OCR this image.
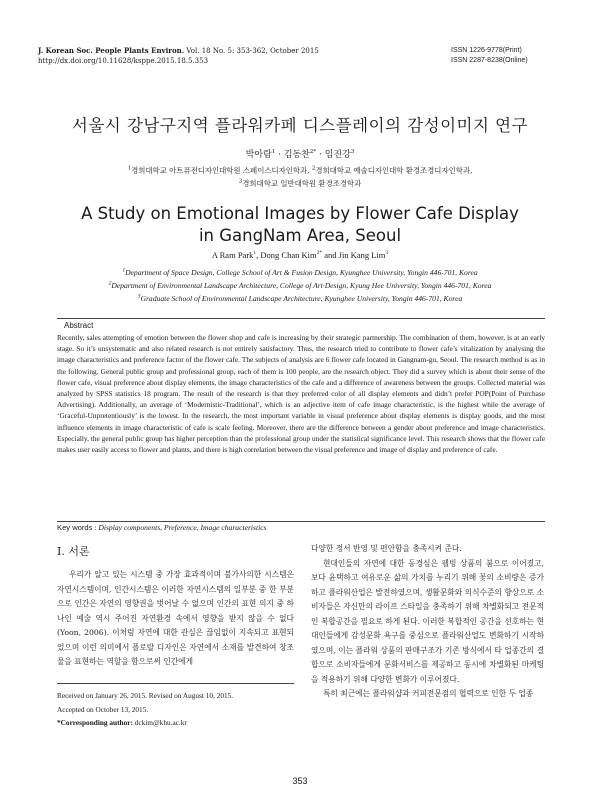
J. Korean Soc. People Plants Environ. Vol. 18 No. 5: 353-362, October 2015
http://dx.doi.org/10.11628/ksppe.2015.18.5.353
ISSN 1226-9778(Print)
ISSN 2287-8238(Online)
서울시 강남구지역 플라워카페 디스플레이의 감성이미지 연구
박아람$^1$ · 김동찬$^{2*}$ · 임진강$^3$
$^1$경희대학교 아트퓨전디자인대학원 스페이스디자인학과, $^2$경희대학교 예술디자인대학 환경조경디자인학과,
$^3$경희대학교 일반대학원 환경조경학과
A Study on Emotional Images by Flower Cafe Display
in GangNam Area, Seoul
A Ram Park$^1$, Dong Chan Kim$^{2*}$ and Jin Kang Lim$^3$
$^1$Department of Space Design, College School of Art & Fusion Design, Kyunghee University, Yongin 446-701, Korea
$^2$Department of Environmental Landscape Architecture, College of Art·Design, Kyung Hee University, Yongin 446-701, Korea
$^3$Graduate School of Environmental Landscape Architecture, Kyunghee University, Yongin 446-701, Korea
Abstract
Recently, sales attempting of emotion between the flower shop and cafe is increasing by their strategic partnership. The combination of them, however, is at an early stage. So it’s unsystematic and also related research is not entirely satisfactory. Thus, the research tried to contribute to flower cafe’s vitalization by analysing the image characteristics and preference factor of the flower cafe. The subjects of analysis are 6 flower cafe located in Gangnam-gu, Seoul. The research method is as in the following. General public group and professional group, each of them is 100 people, are the research object. They did a survey which is about their sense of the flower cafe, visual preference about display elements, the image characteristics of the cafe and a difference of awareness between the groups. Collected material was analyzed by SPSS statistics 18 program. The result of the research is that they preferred color of all display elements and didn’t prefer POP(Point of Purchase Advertising). Additionally, an average of ‘Modernistic-Traditional’, which is an adjective item of cafe image characteristic, is the highest while the average of ‘Graceful-Unpretentiously’ is the lowest. In the research, the most important variable in visual preference about display elements is display goods, and the most influence elements in image characteristic of cafe is scale feeling. Moreover, there are the difference between a gender about preference and image characteristics. Especially, the general public group has higher perception than the professional group under the statistical significance level. This research shows that the flower cafe makes user easily access to flower and plants, and there is high correlation between the visual preference and image of display and preference of cafe.
Key words : Display components, Preference, Image characteristics
Ⅰ. 서론

우리가 알고 있는 시스템 중 가장 효과적이며 불가사의한 시스템은 자연시스템이며, 인간시스템은 이러한 자연시스템의 일부분 중 한 부분으로 인간은 자연의 영향권을 벗어날 수 없으며 인간의 표현 의지 중 하나인 예술 역시 주어진 자연환경 속에서 영향을 받지 않을 수 없다(Yoon, 2006). 이처럼 자연에 대한 관심은 끊임없이 지속되고 표현되었으며 이런 의미에서 플로랄 디자인은 자연에서 소재를 발견하여 창조물을 표현하는 역할을 함으로써 인간에게

Received on January 26, 2015. Revised on August 10, 2015.
Accepted on October 13, 2015.
*Corresponding author: dckim@khu.ac.kr

다양한 정서 반영 및 편안함을 충족시켜 준다.

현대인들의 자연에 대한 동경심은 웰빙 상품의 붐으로 이어졌고, 보다 윤택하고 여유로운 삶의 가치를 누리기 위해 꽃의 소비량은 증가하고 플라워산업은 발전하였으며, 생활문화와 의식수준의 향상으로 소비자들은 자신만의 라이프 스타일을 충족하기 위해 차별화되고 전문적인 복합공간을 필요로 하게 된다. 이러한 복합적인 공간을 선호하는 현대인들에게 감성문화 욕구를 중심으로 플라워산업도 변화하기 시작하였으며, 이는 플라워 상품의 판매구조가 기존 방식에서 타 업종간의 결합으로 소비자들에게 문화서비스를 제공하고 동시에 차별화된 마케팅을 적용하기 위해 다양한 변화가 이루어졌다.

특히 최근에는 플라워샵과 커피전문점의 협력으로 인한 두 업종

353
